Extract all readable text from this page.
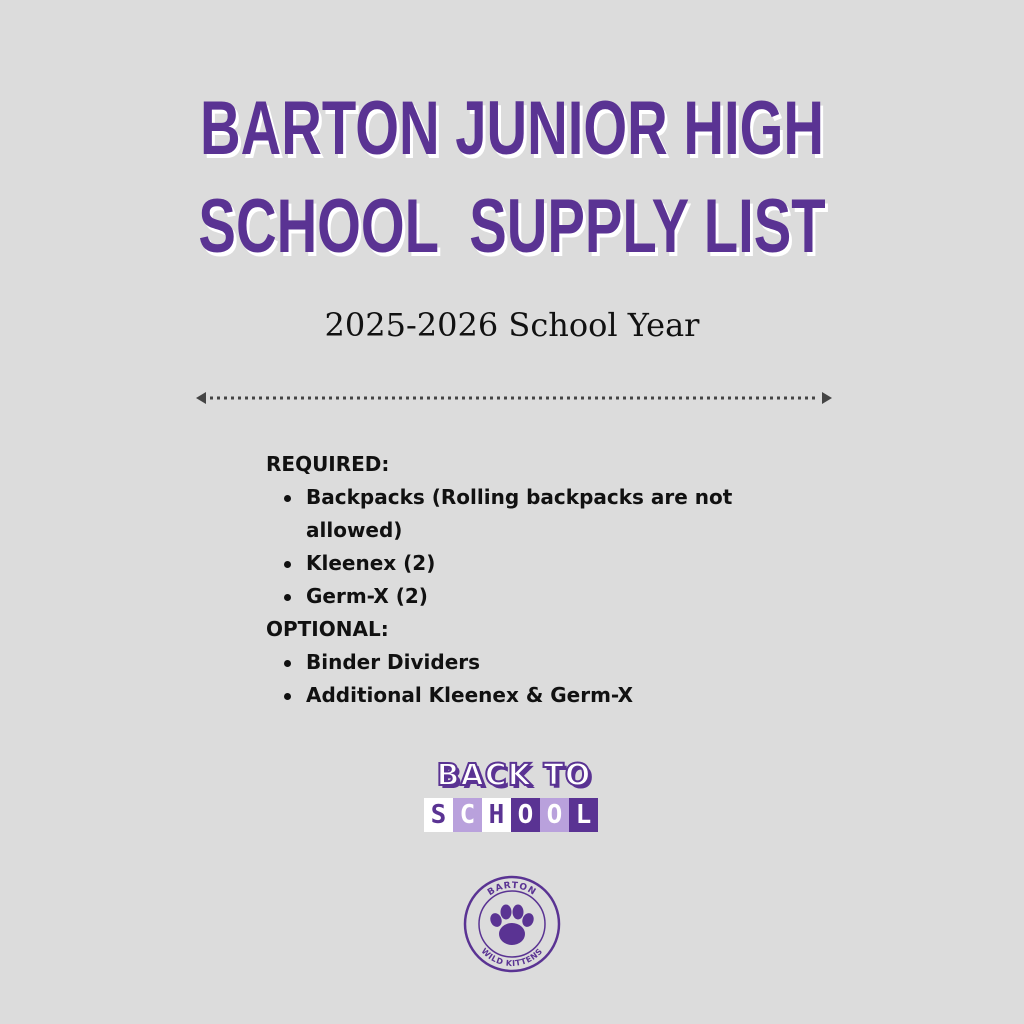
BARTON JUNIOR HIGH
SCHOOL  SUPPLY LIST

2025-2026 School Year

REQUIRED:
Backpacks (Rolling backpacks are not allowed)
Kleenex (2)
Germ-X (2)
OPTIONAL:
Binder Dividers
Additional Kleenex & Germ-X
BACK TO
S C H O O L
BARTON
WILD KITTENS
